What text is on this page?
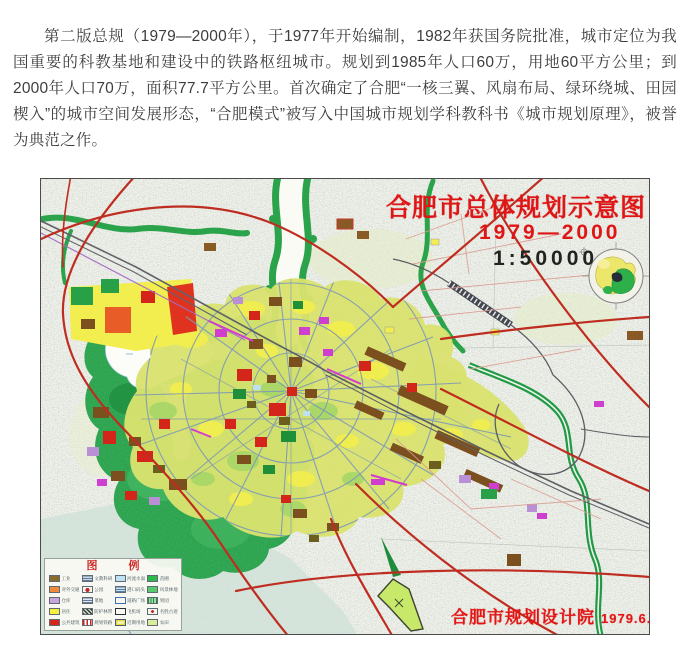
第二版总规（1979—2000年），于1977年开始编制，1982年获国务院批准，城市定位为我国重要的科教基地和建设中的铁路枢纽城市。规划到1985年人口60万，用地60平方公里；到2000年人口70万，面积77.7平方公里。首次确定了合肥“一核三翼、风扇布局、绿环绕城、田园楔入”的城市空间发展形态，“合肥模式”被写入中国城市规划学科教科书《城市规划原理》，被誉为典范之作。

合肥市总体规划示意图
1979—2000
1:50000
合肥市规划设计院 1979.6.
图 例
工业	文教科研	河流水面	苗圃
对外交通	公园	港口码头	风景林地
仓库	菜地	道路广场	果园
居住	防护林带	飞机场	名胜古迹
公共建筑	规划铁路	近期用地	农田
